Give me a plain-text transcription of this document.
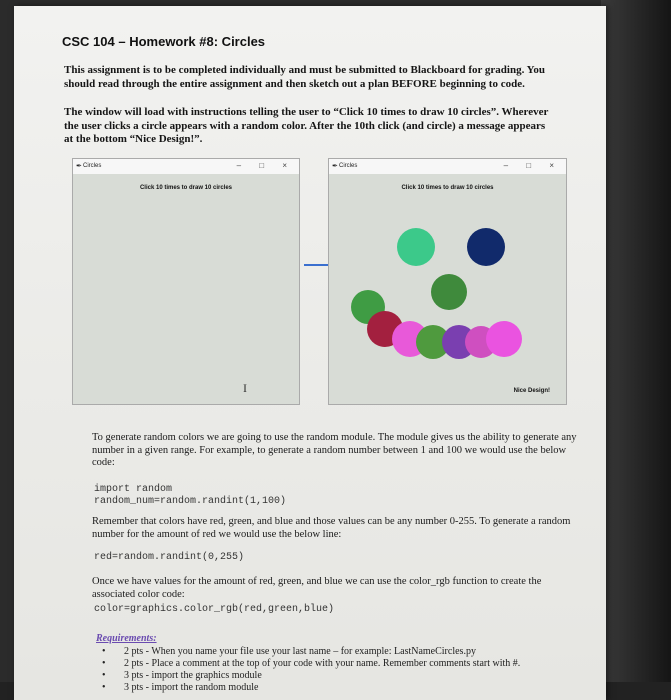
CSC 104 – Homework #8: Circles
This assignment is to be completed individually and must be submitted to Blackboard for grading. You should read through the entire assignment and then sketch out a plan BEFORE beginning to code.
The window will load with instructions telling the user to “Click 10 times to draw 10 circles”. Wherever the user clicks a circle appears with a random color. After the 10th click (and circle) a message appears at the bottom “Nice Design!”.
✒ Circles	– □ ×
Click 10 times to draw 10 circles
I
✒ Circles	– □ ×
Click 10 times to draw 10 circles
Nice Design!
To generate random colors we are going to use the random module. The module gives us the ability to generate any number in a given range. For example, to generate a random number between 1 and 100 we would use the below code:
import random
random_num=random.randint(1,100)
Remember that colors have red, green, and blue and those values can be any number 0-255. To generate a random number for the amount of red we would use the below line:
red=random.randint(0,255)
Once we have values for the amount of red, green, and blue we can use the color_rgb function to create the associated color code:
color=graphics.color_rgb(red,green,blue)
Requirements:
• 2 pts - When you name your file use your last name – for example: LastNameCircles.py
• 2 pts - Place a comment at the top of your code with your name. Remember comments start with #.
• 3 pts - import the graphics module
• 3 pts - import the random module
